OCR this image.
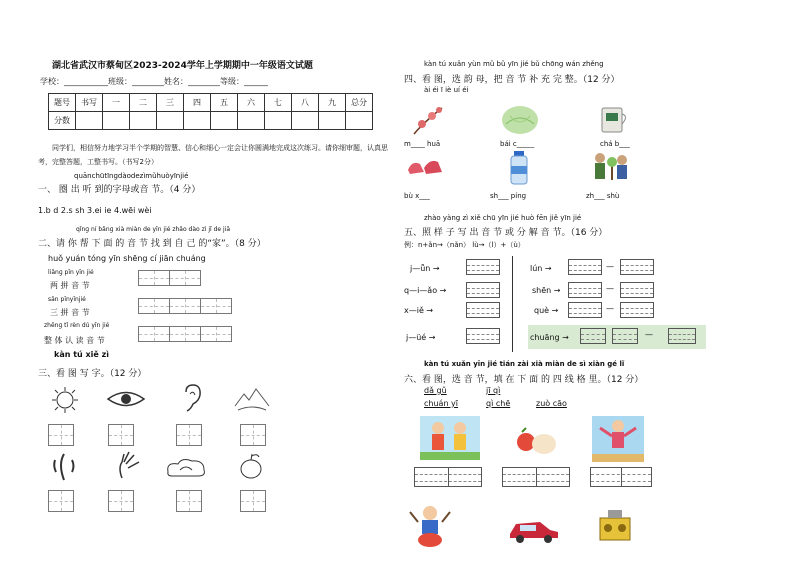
湖北省武汉市蔡甸区2023-2024学年上学期期中一年级语文试题
学校：___________班级：________姓名：________等级：______
题号	书写	一	二	三	四	五	六	七	八	九	总分
分数											
同学们，相信努力地学习半个学期的智慧、信心和细心一定会让你圆满地完成这次练习。请你细审题，认真思考，完整答题，工整书写。（书写2分）
quānchūtīnɡdàodezìmǔhuòyīnjié
一、 圈 出 听 到的字母或音 节。（4 分）
1.b d 2.s sh 3.ei ie 4.wēi wèi
qǐnɡ ní bǎnɡ xià miàn de yīn jié zhǎo dào zì jǐ de jiā
二、请 你 帮 下 面 的 音 节 找 到 自 己 的“家”。（8 分）
huǒ yuán tóng yīn shēng cí jiān chuáng
liǎnɡ pīn yīn jié
两 拼 音 节
sān pīnyīnjié
三 拼 音 节
zhěnɡ tǐ rèn dú yīn jié
整 体 认 读 音 节
kàn tú xiě zì
三、看 图 写 字。（12 分）
kàn tú xuǎn yùn mǔ bǔ yīn jié bǔ chōng wán zhěng
四、看 图，选 韵 母，把 音 节 补 充 完 整。（12 分）
ài éi ī iè uí éi
m____ huā	bái c_____	chá b___
bù x___	sh___ pínɡ	zh___ shù
zhào yàng zì xiě chū yīn jié huò fēn jiě yīn jié
五、照 样 子 写 出 音 节 或 分 解 音 节。（16 分）
例：n+ǎn→（nǎn） lù→（l）+（ù）
j—ǖn →
q—i—ǎo →
x—iě →
j—üé →
lún →	—
shēn →	—
què →	—
chuāng →	—
kàn tú xuǎn yīn jié tián zài xià miàn de sì xiàn gé lǐ
六、看 图，选 音 节，填 在 下 面 的 四 线 格 里。（12 分）
dǎ gǔ	jī qì
chuán yī	qì chē	zuò cāo
